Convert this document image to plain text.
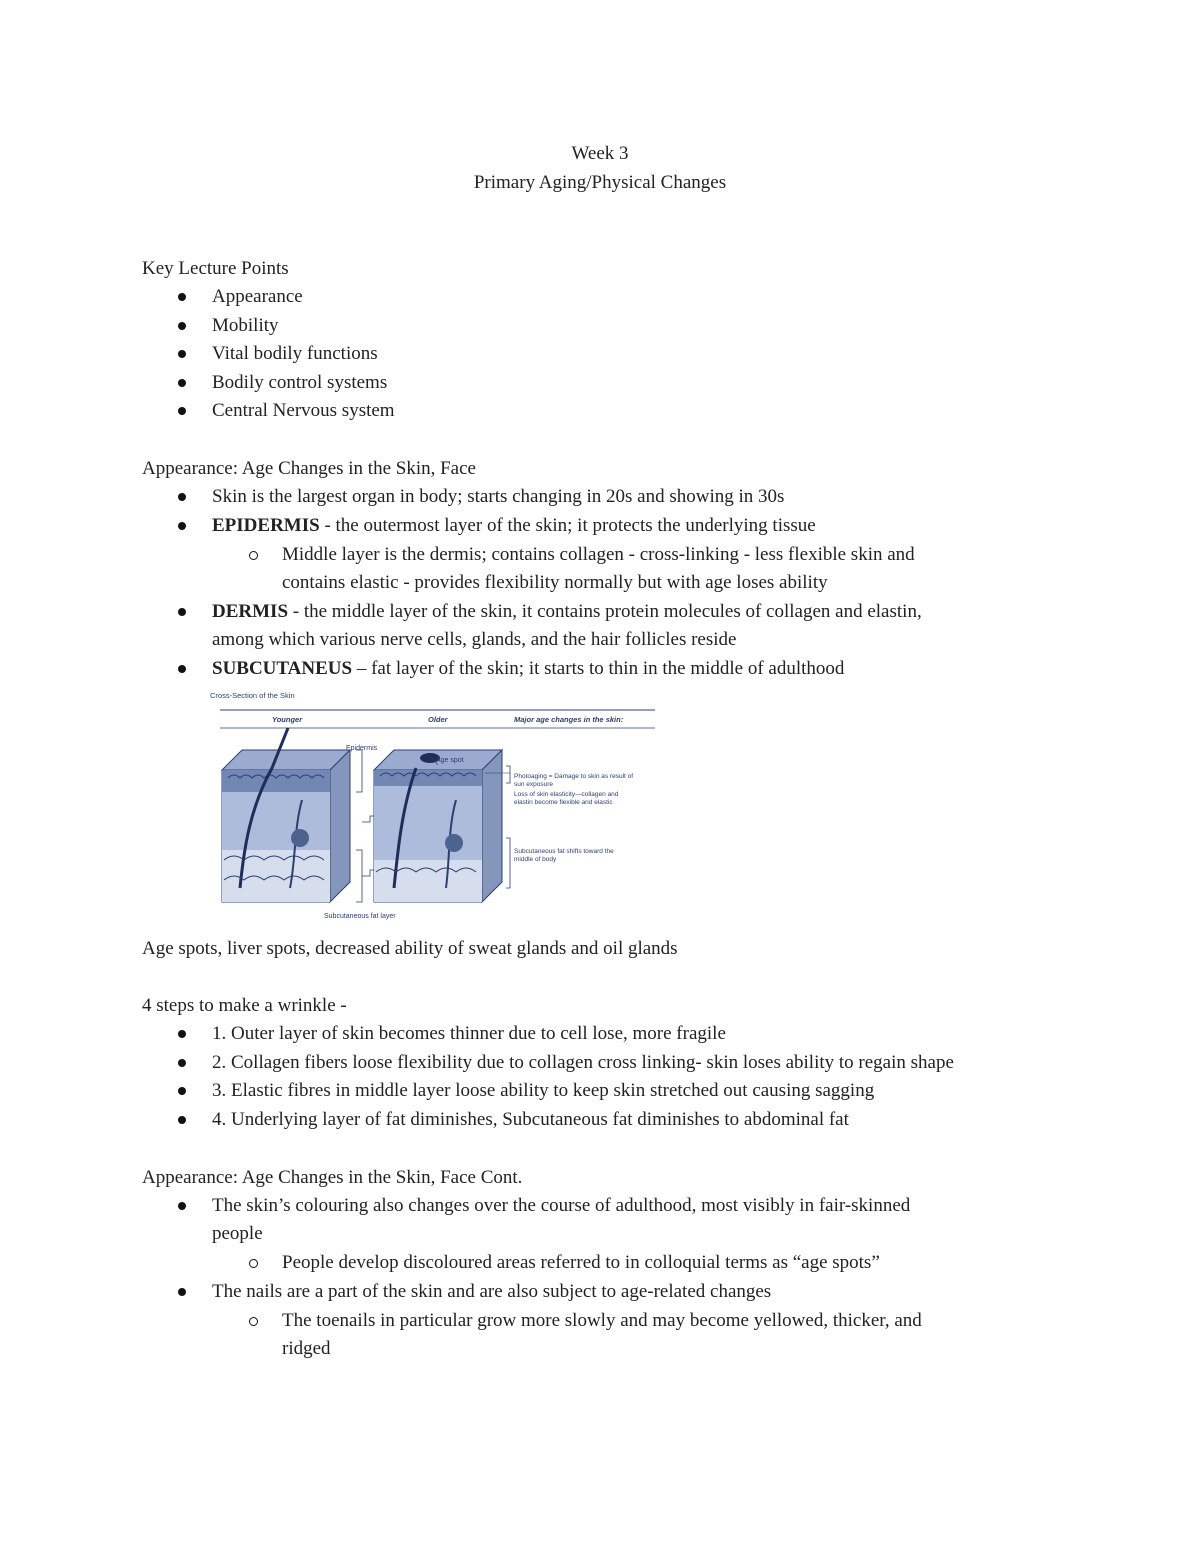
Week 3
Primary Aging/Physical Changes
Key Lecture Points
Appearance
Mobility
Vital bodily functions
Bodily control systems
Central Nervous system
Appearance: Age Changes in the Skin, Face
Skin is the largest organ in body; starts changing in 20s and showing in 30s
EPIDERMIS - the outermost layer of the skin; it protects the underlying tissue
Middle layer is the dermis; contains collagen - cross-linking - less flexible skin and
contains elastic - provides flexibility normally but with age loses ability
DERMIS - the middle layer of the skin, it contains protein molecules of collagen and elastin,
among which various nerve cells, glands, and the hair follicles reside
SUBCUTANEUS – fat layer of the skin; it starts to thin in the middle of adulthood
Cross-Section of the Skin
Younger	Older	Major age changes in the skin:
Epidermis
Age spot
Subcutaneous fat layer
Photoaging = Damage to skin as result of
sun exposure
Loss of skin elasticity—collagen and
elastin become flexible and elastic
Subcutaneous fat shifts toward the
middle of body
Age spots, liver spots, decreased ability of sweat glands and oil glands
4 steps to make a wrinkle -
1. Outer layer of skin becomes thinner due to cell lose, more fragile
2. Collagen fibers loose flexibility due to collagen cross linking- skin loses ability to regain shape
3. Elastic fibres in middle layer loose ability to keep skin stretched out causing sagging
4. Underlying layer of fat diminishes, Subcutaneous fat diminishes to abdominal fat
Appearance: Age Changes in the Skin, Face Cont.
The skin’s colouring also changes over the course of adulthood, most visibly in fair-skinned
people
People develop discoloured areas referred to in colloquial terms as “age spots”
The nails are a part of the skin and are also subject to age-related changes
The toenails in particular grow more slowly and may become yellowed, thicker, and
ridged
